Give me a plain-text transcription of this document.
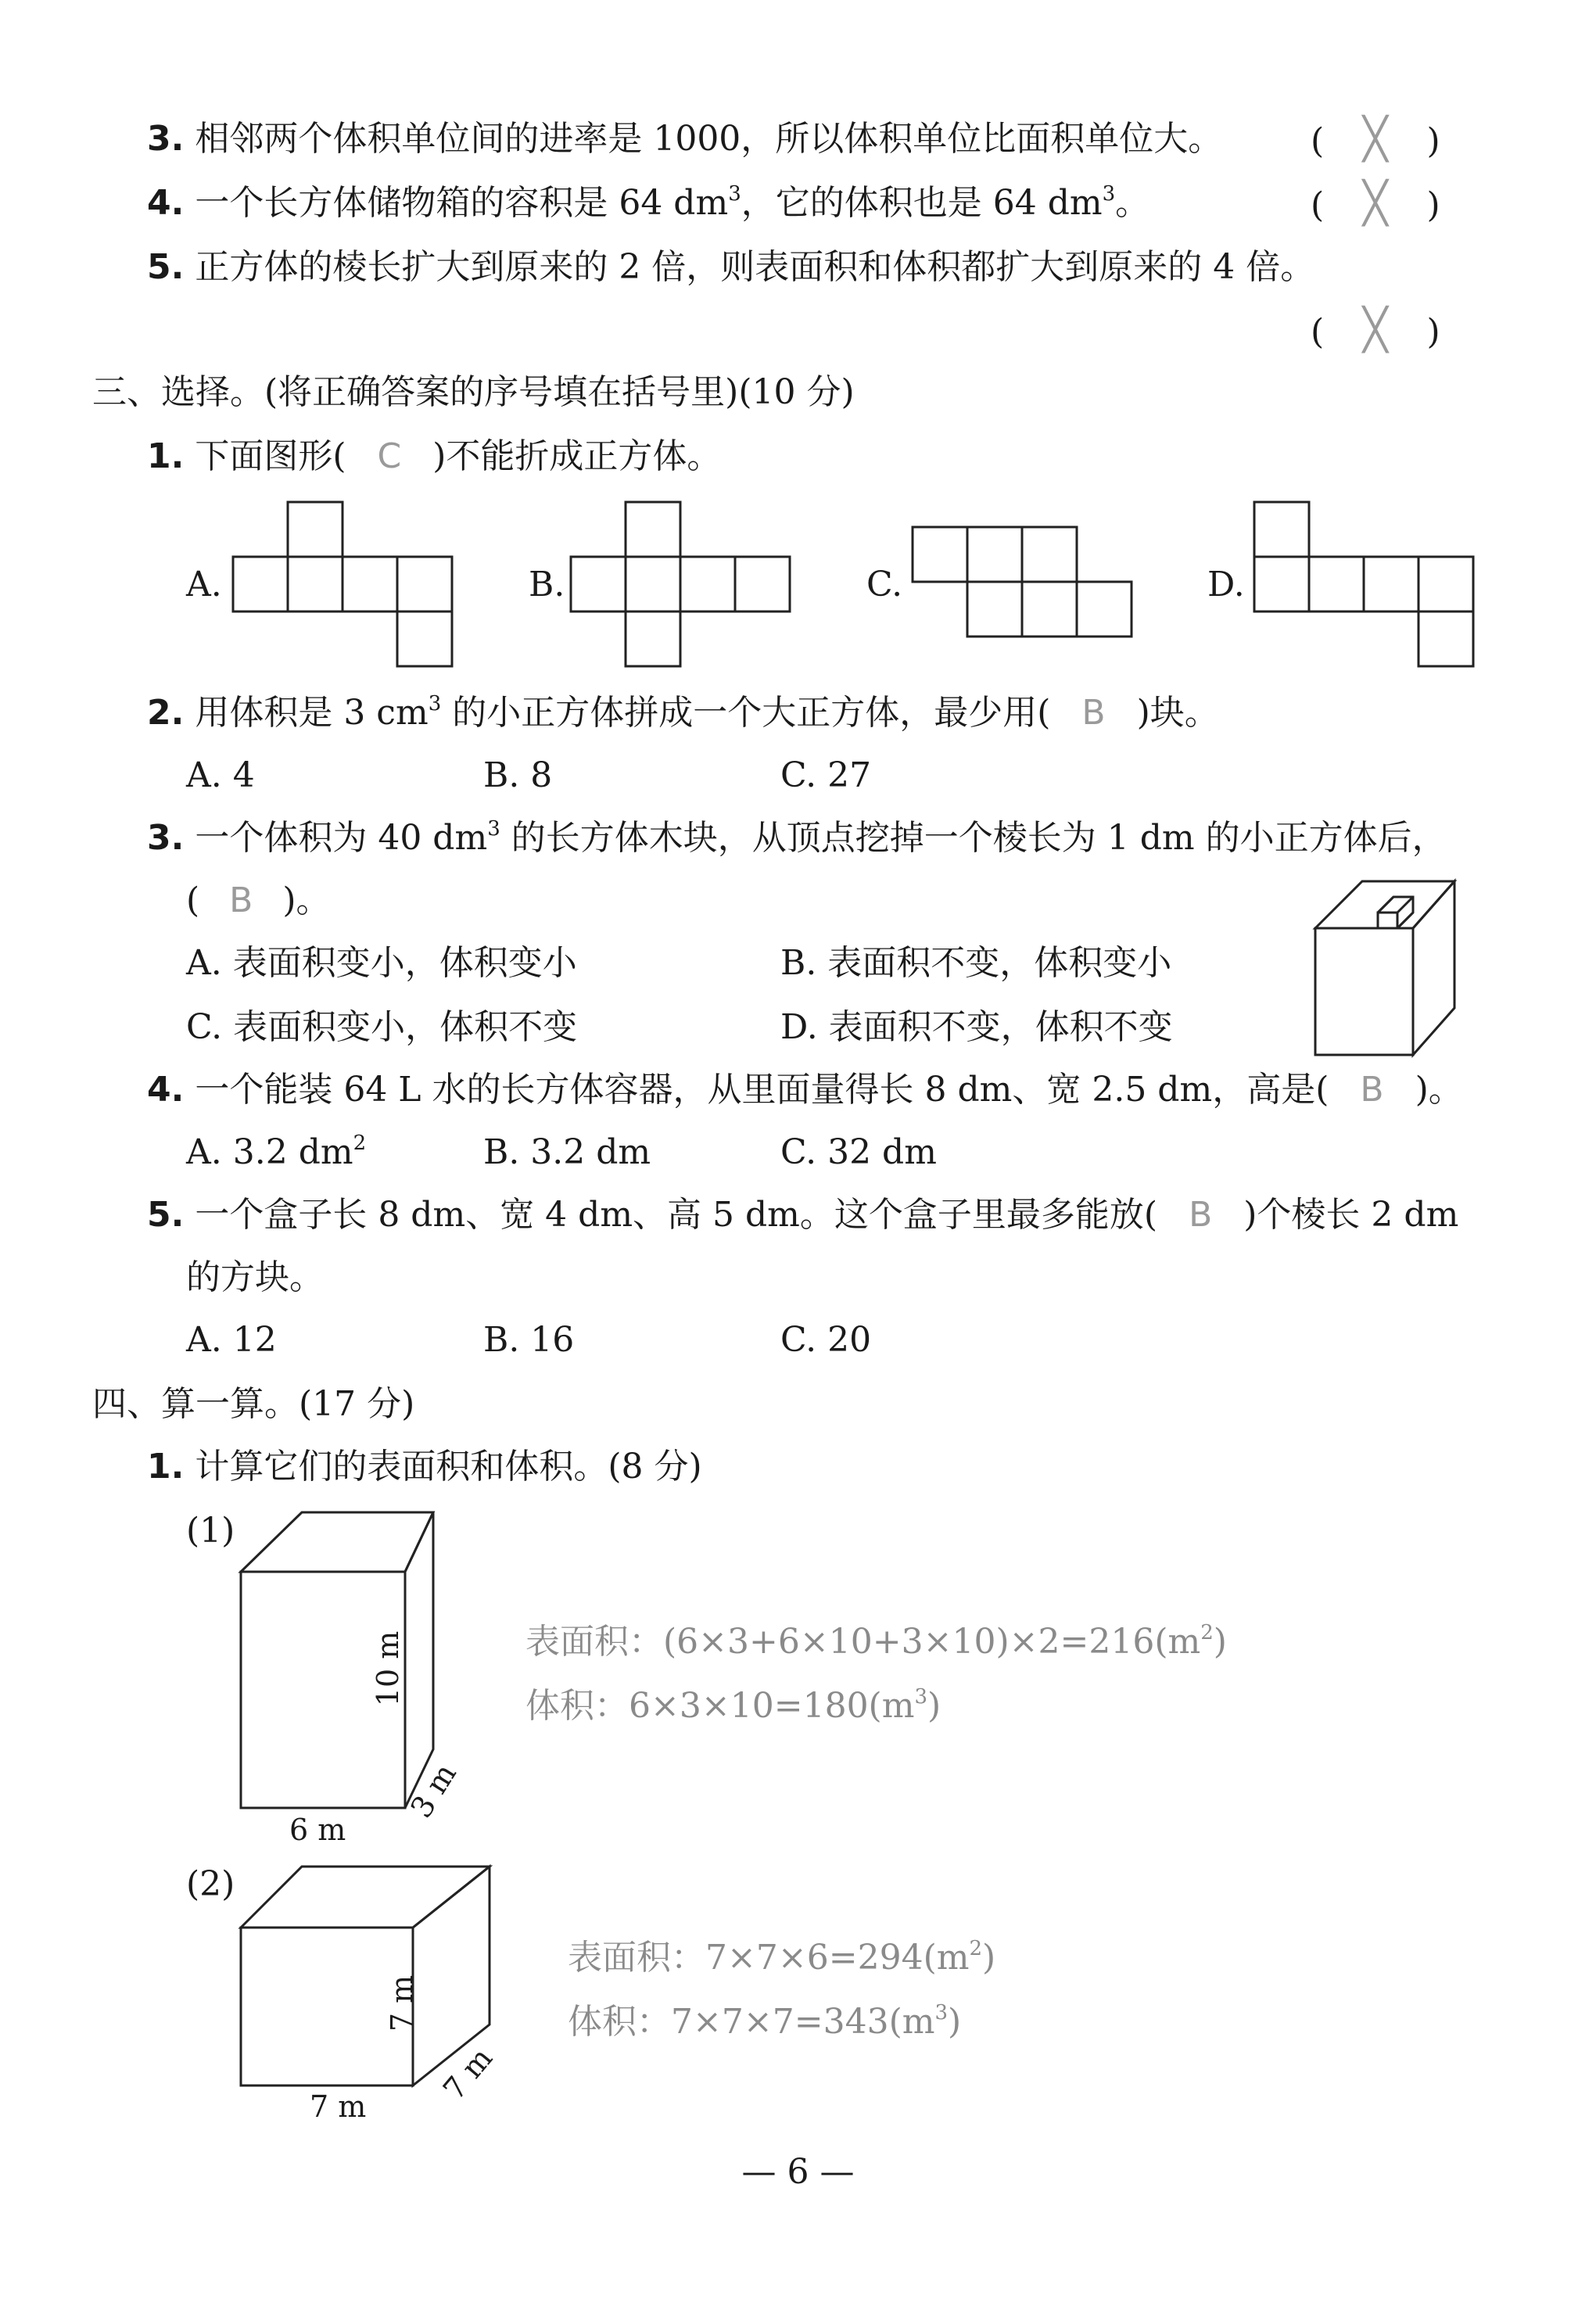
3. 相邻两个体积单位间的进率是 1000，所以体积单位比面积单位大。	( ╳ )
4. 一个长方体储物箱的容积是 64 $dm^3$，它的体积也是 64 $dm^3$。	( ╳ )
5. 正方体的棱长扩大到原来的 2 倍，则表面积和体积都扩大到原来的 4 倍。
( ╳ )
三、选择。(将正确答案的序号填在括号里)(10 分)
1. 下面图形( C )不能折成正方体。
A.	B.	C.	D.
2. 用体积是 3 $cm^3$ 的小正方体拼成一个大正方体，最少用( B )块。
A. 4	B. 8	C. 27
3. 一个体积为 40 $dm^3$ 的长方体木块，从顶点挖掉一个棱长为 1 dm 的小正方体后，
( B )。
A. 表面积变小，体积变小	B. 表面积不变，体积变小
C. 表面积变小，体积不变	D. 表面积不变，体积不变
4. 一个能装 64 L 水的长方体容器，从里面量得长 8 dm、宽 2.5 dm，高是( B )。
A. 3.2 $dm^2$	B. 3.2 dm	C. 32 dm
5. 一个盒子长 8 dm、宽 4 dm、高 5 dm。这个盒子里最多能放( B )个棱长 2 dm
的方块。
A. 12	B. 16	C. 20
四、算一算。(17 分)
1. 计算它们的表面积和体积。(8 分)
(1)
10 m
3 m
6 m
表面积：$(6\times 3+6\times 10+3\times 10)\times 2=216(m^2)$
体积：$6\times 3\times 10=180(m^3)$
(2)
7 m
7 m
7 m
表面积：$7\times 7\times 6=294(m^2)$
体积：$7\times 7\times 7=343(m^3)$
— 6 —
